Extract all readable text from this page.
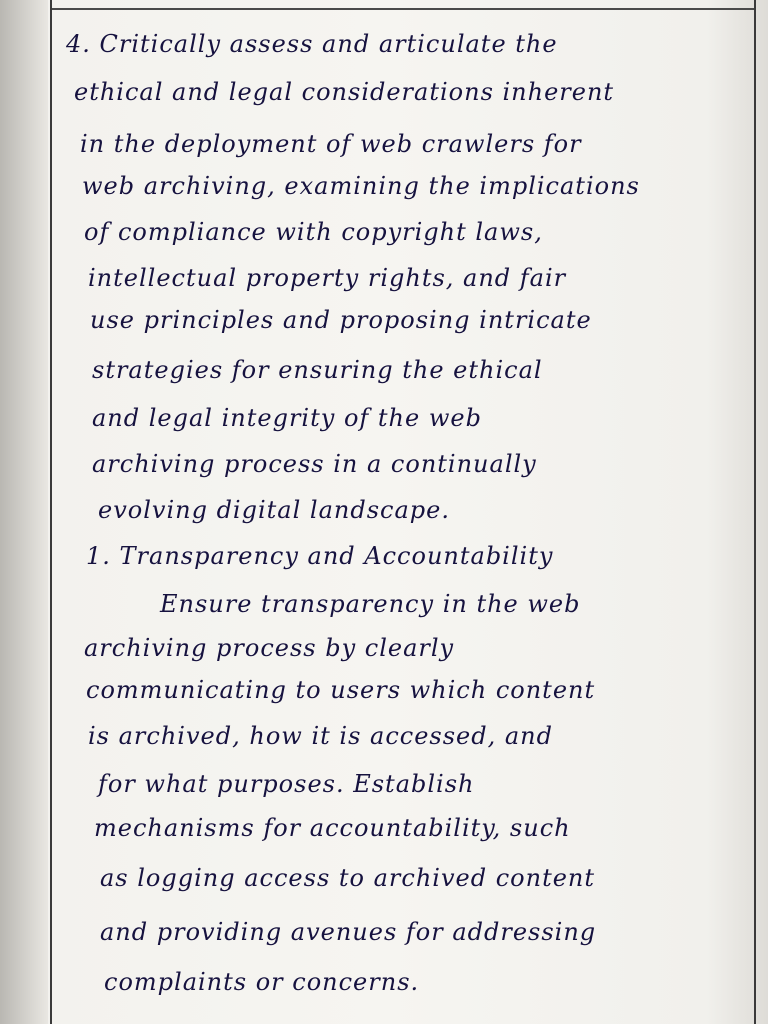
4. Critically assess and articulate the
ethical and legal considerations inherent
in the deployment of web crawlers for
web archiving, examining the implications
of compliance with copyright laws,
intellectual property rights, and fair
use principles and proposing intricate
strategies for ensuring the ethical
and legal integrity of the web
archiving process in a continually
evolving digital landscape.
1. Transparency and Accountability
Ensure transparency in the web
archiving process by clearly
communicating to users which content
is archived, how it is accessed, and
for what purposes. Establish
mechanisms for accountability, such
as logging access to archived content
and providing avenues for addressing
complaints or concerns.
